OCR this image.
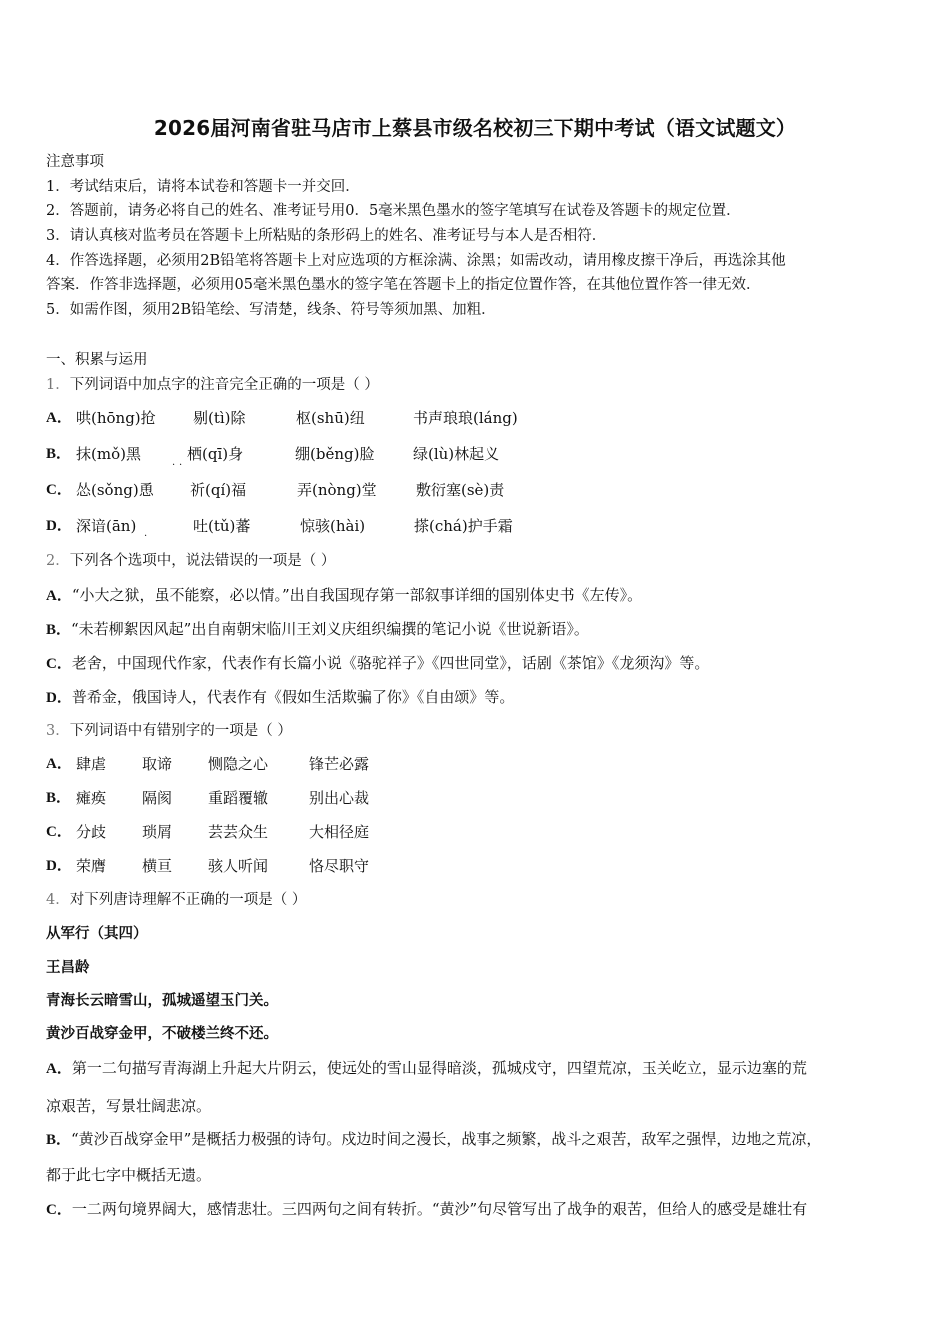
2026届河南省驻马店市上蔡县市级名校初三下期中考试（语文试题文）
注意事项
1．考试结束后，请将本试卷和答题卡一并交回．
2．答题前，请务必将自己的姓名、准考证号用0．5毫米黑色墨水的签字笔填写在试卷及答题卡的规定位置．
3．请认真核对监考员在答题卡上所粘贴的条形码上的姓名、准考证号与本人是否相符．
4．作答选择题，必须用2B铅笔将答题卡上对应选项的方框涂满、涂黑；如需改动，请用橡皮擦干净后，再选涂其他
答案．作答非选择题，必须用05毫米黑色墨水的签字笔在答题卡上的指定位置作答，在其他位置作答一律无效．
5．如需作图，须用2B铅笔绘、写清楚，线条、符号等须加黑、加粗．
一、积累与运用
1．下列词语中加点字的注音完全正确的一项是（ ）
A． 哄(hōng)抢 剔(tì)除	枢(shū)纽	书声琅琅(láng)
B． 抹(mǒ)黑	. . 栖(qī)身	绷(běng)脸	绿(lù)林起义
C． 怂(sǒng)恿 祈(qí)福	弄(nòng)堂	敷衍塞(sè)责
D． 深谙(ān) .	吐(tǔ)蕃	惊骇(hài)	搽(chá)护手霜
2．下列各个选项中，说法错误的一项是（ ）
A．“小大之狱，虽不能察，必以情。”出自我国现存第一部叙事详细的国别体史书《左传》。
B．“未若柳絮因风起”出自南朝宋临川王刘义庆组织编撰的笔记小说《世说新语》。
C．老舍，中国现代作家，代表作有长篇小说《骆驼祥子》《四世同堂》，话剧《茶馆》《龙须沟》等。
D．普希金，俄国诗人，代表作有《假如生活欺骗了你》《自由颂》等。
3．下列词语中有错别字的一项是（ ）
A． 肆虐 取谛 恻隐之心	锋芒必露
B． 瘫痪 隔阂 重蹈覆辙	别出心裁
C． 分歧 琐屑 芸芸众生	大相径庭
D． 荣膺 横亘 骇人听闻	恪尽职守
4．对下列唐诗理解不正确的一项是（ ）
从军行（其四）
王昌龄
青海长云暗雪山，孤城遥望玉门关。
黄沙百战穿金甲，不破楼兰终不还。
A．第一二句描写青海湖上升起大片阴云，使远处的雪山显得暗淡，孤城戍守，四望荒凉，玉关屹立，显示边塞的荒
凉艰苦，写景壮阔悲凉。
B．“黄沙百战穿金甲”是概括力极强的诗句。戍边时间之漫长，战事之频繁，战斗之艰苦，敌军之强悍，边地之荒凉，
都于此七字中概括无遗。
C．一二两句境界阔大，感情悲壮。三四两句之间有转折。“黄沙”句尽管写出了战争的艰苦，但给人的感受是雄壮有
